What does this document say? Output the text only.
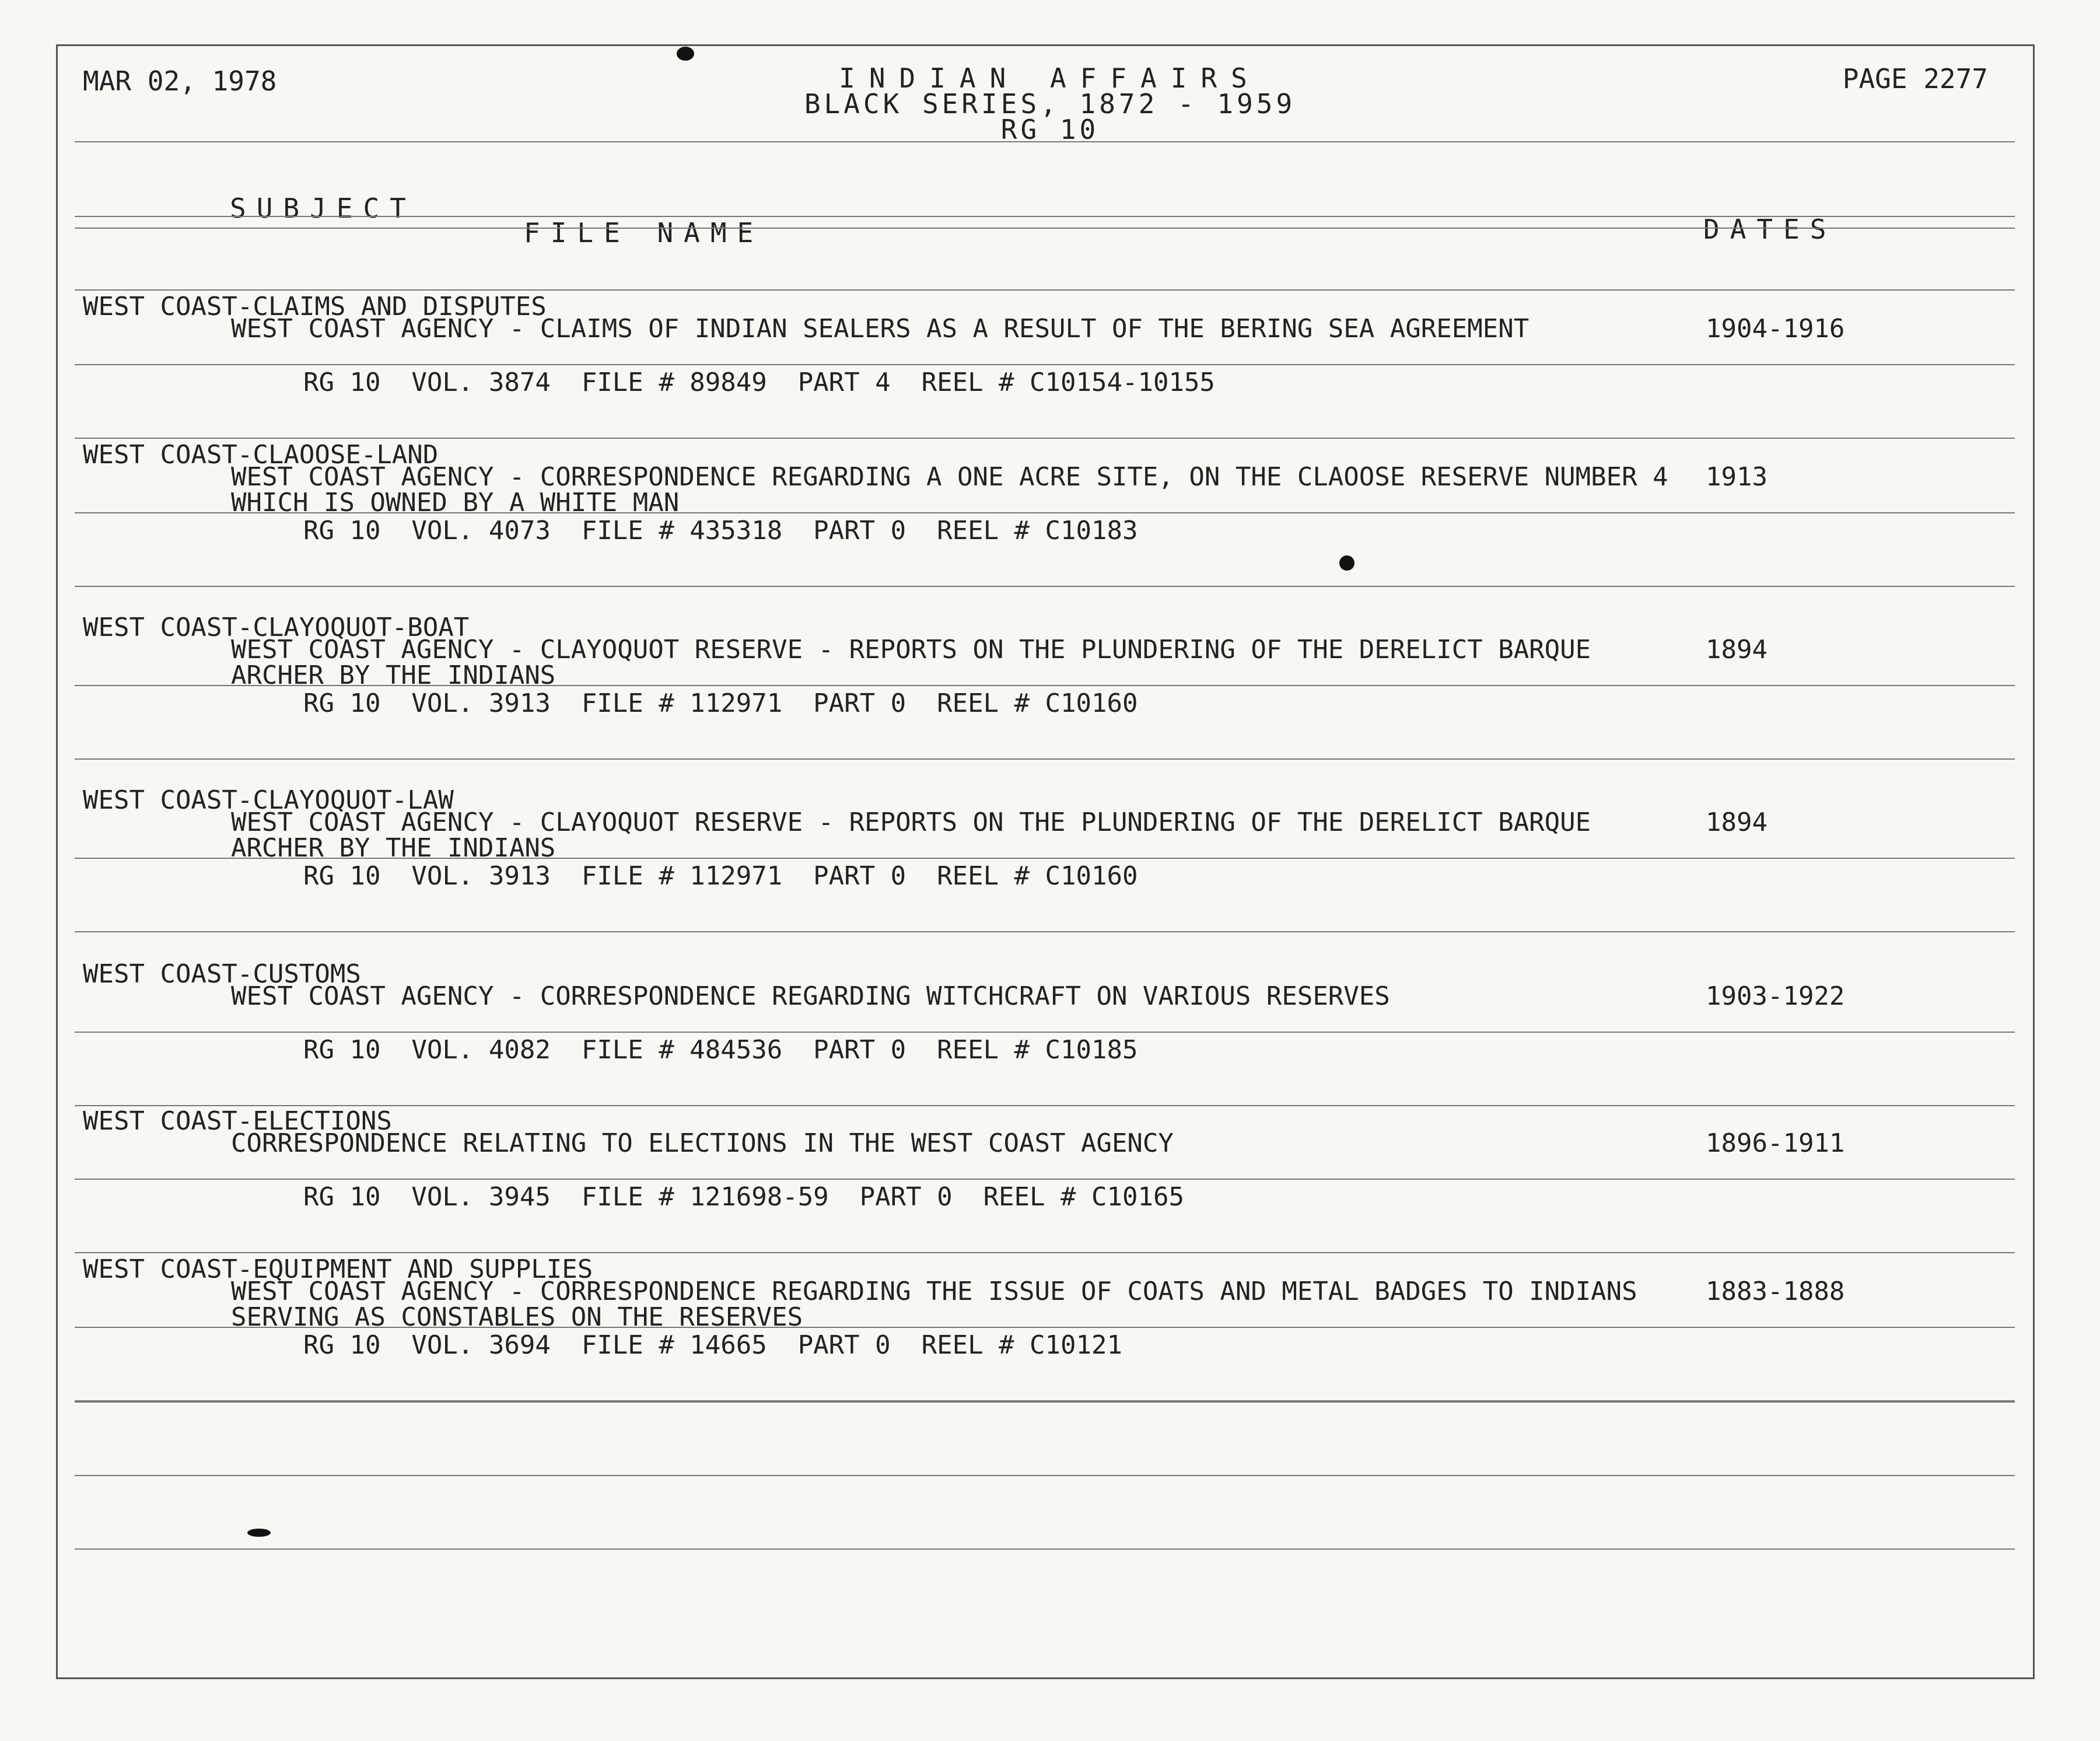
MAR 02, 1978	INDIAN AFFAIRS
BLACK SERIES, 1872 - 1959
RG 10
PAGE 2277
SUBJECT
FILE NAME	DATES
WEST COAST-CLAIMS AND DISPUTES
WEST COAST AGENCY - CLAIMS OF INDIAN SEALERS AS A RESULT OF THE BERING SEA AGREEMENT	1904-1916
RG 10  VOL. 3874  FILE # 89849  PART 4  REEL # C10154-10155
WEST COAST-CLAOOSE-LAND
WEST COAST AGENCY - CORRESPONDENCE REGARDING A ONE ACRE SITE, ON THE CLAOOSE RESERVE NUMBER 4 WHICH IS OWNED BY A WHITE MAN
1913
RG 10  VOL. 4073  FILE # 435318  PART 0  REEL # C10183
WEST COAST-CLAYOQUOT-BOAT
WEST COAST AGENCY - CLAYOQUOT RESERVE - REPORTS ON THE PLUNDERING OF THE DERELICT BARQUE ARCHER BY THE INDIANS
1894
RG 10  VOL. 3913  FILE # 112971  PART 0  REEL # C10160
WEST COAST-CLAYOQUOT-LAW
WEST COAST AGENCY - CLAYOQUOT RESERVE - REPORTS ON THE PLUNDERING OF THE DERELICT BARQUE ARCHER BY THE INDIANS
1894
RG 10  VOL. 3913  FILE # 112971  PART 0  REEL # C10160
WEST COAST-CUSTOMS
WEST COAST AGENCY - CORRESPONDENCE REGARDING WITCHCRAFT ON VARIOUS RESERVES	1903-1922
RG 10  VOL. 4082  FILE # 484536  PART 0  REEL # C10185
WEST COAST-ELECTIONS
CORRESPONDENCE RELATING TO ELECTIONS IN THE WEST COAST AGENCY	1896-1911
RG 10  VOL. 3945  FILE # 121698-59  PART 0  REEL # C10165
WEST COAST-EQUIPMENT AND SUPPLIES
WEST COAST AGENCY - CORRESPONDENCE REGARDING THE ISSUE OF COATS AND METAL BADGES TO INDIANS SERVING AS CONSTABLES ON THE RESERVES
1883-1888
RG 10  VOL. 3694  FILE # 14665  PART 0  REEL # C10121
